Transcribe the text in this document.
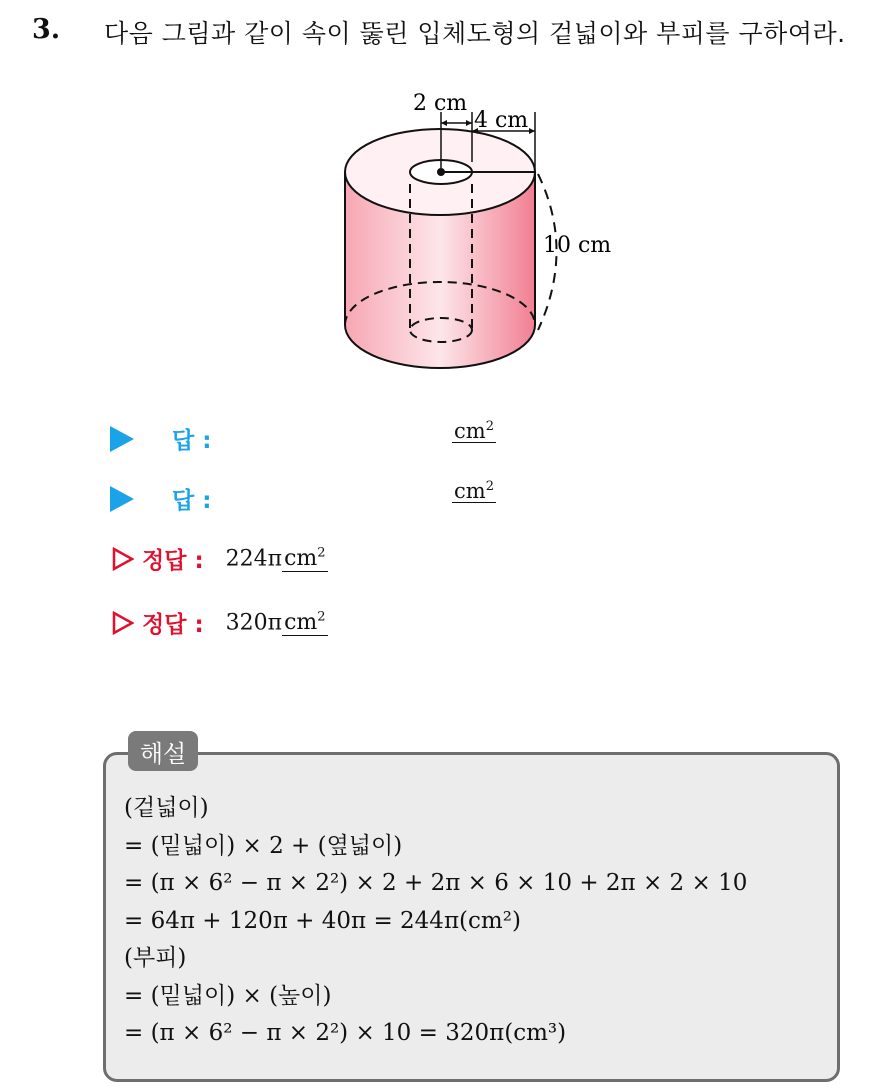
3. 다음 그림과 같이 속이 뚫린 입체도형의 겉넓이와 부피를 구하여라.
2 cm
4 cm
10 cm
답 :	$cm^2$
답 :	$cm^2$
정답 : 224πcm$^2$
정답 : 320πcm$^2$
해설
(겉넓이)
= (밑넓이) × 2 + (옆넓이)
= (π × 6² − π × 2²) × 2 + 2π × 6 × 10 + 2π × 2 × 10
= 64π + 120π + 40π = 244π(cm²)
(부피)
= (밑넓이) × (높이)
= (π × 6² − π × 2²) × 10 = 320π(cm³)
